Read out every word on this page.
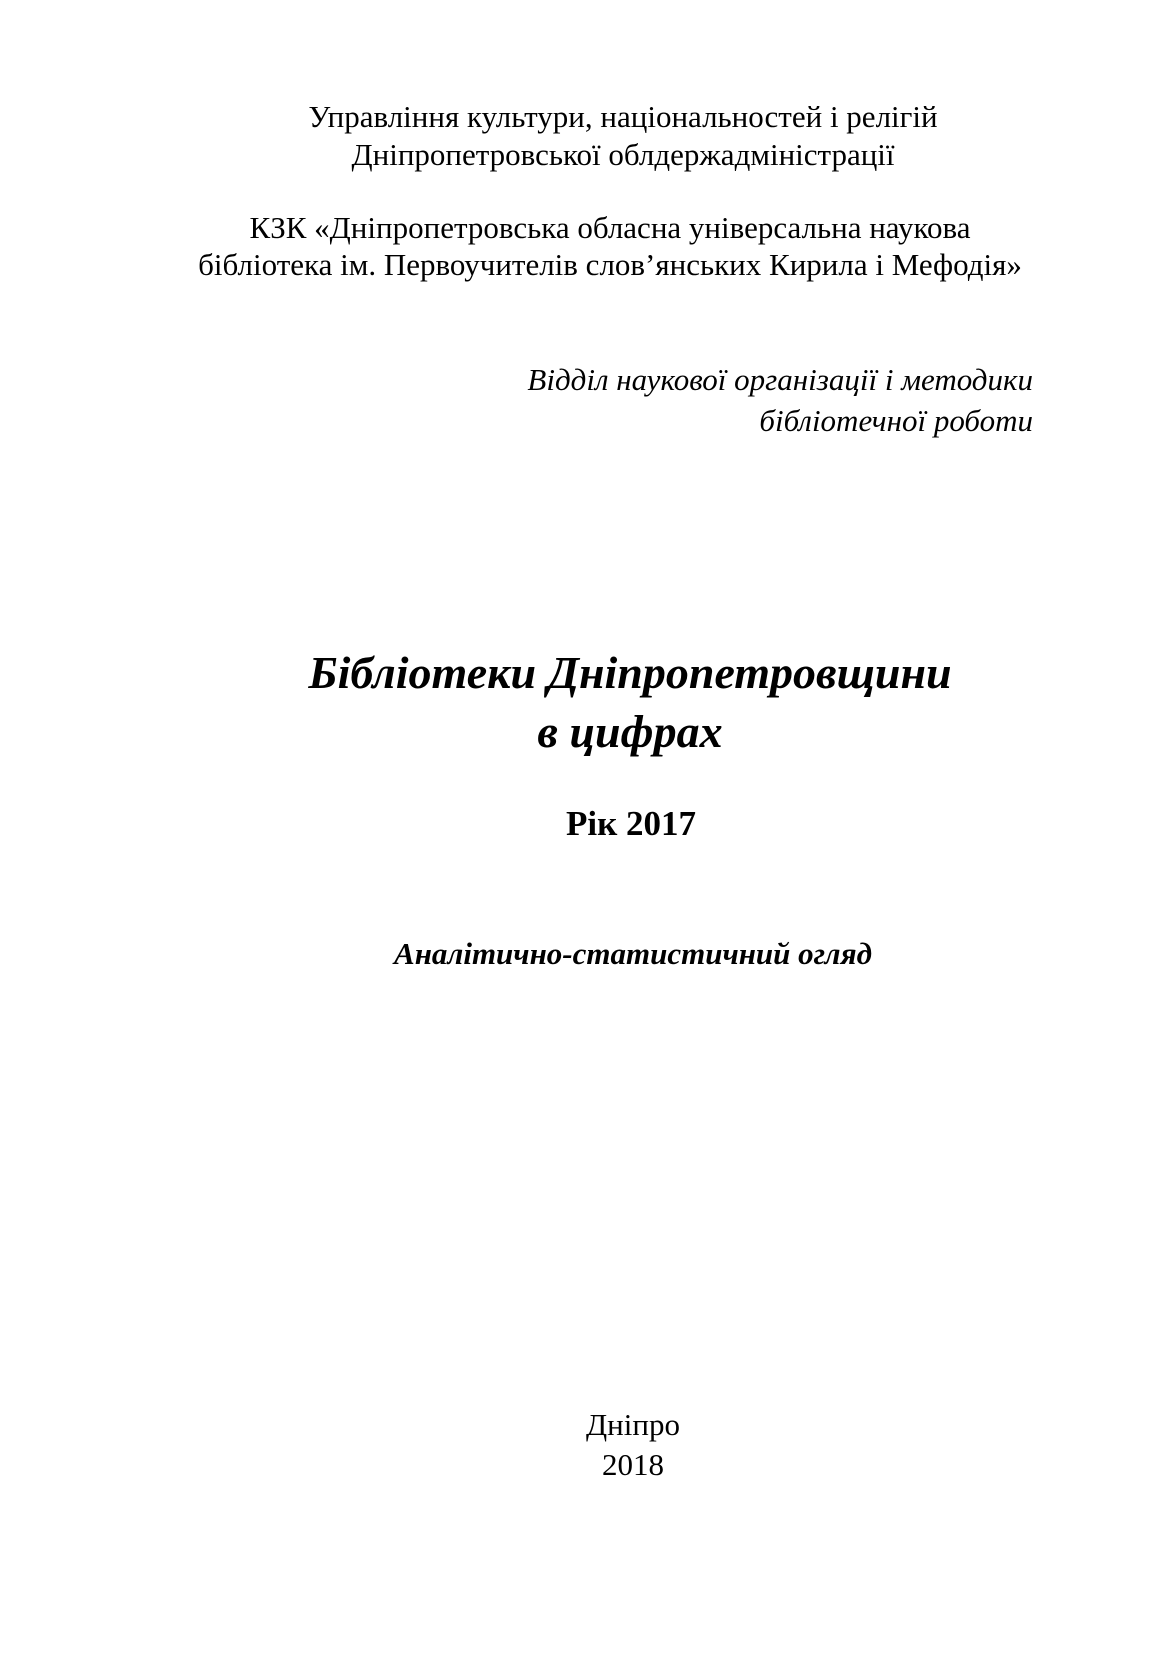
Управління культури, національностей і релігій
Дніпропетровської облдержадміністрації
КЗК «Дніпропетровська обласна універсальна наукова
бібліотека ім. Первоучителів слов’янських Кирила і Мефодія»
Відділ наукової організації і методики
бібліотечної роботи
Бібліотеки Дніпропетровщини
в цифрах
Рік 2017
Аналітично-статистичний огляд
Дніпро
2018
